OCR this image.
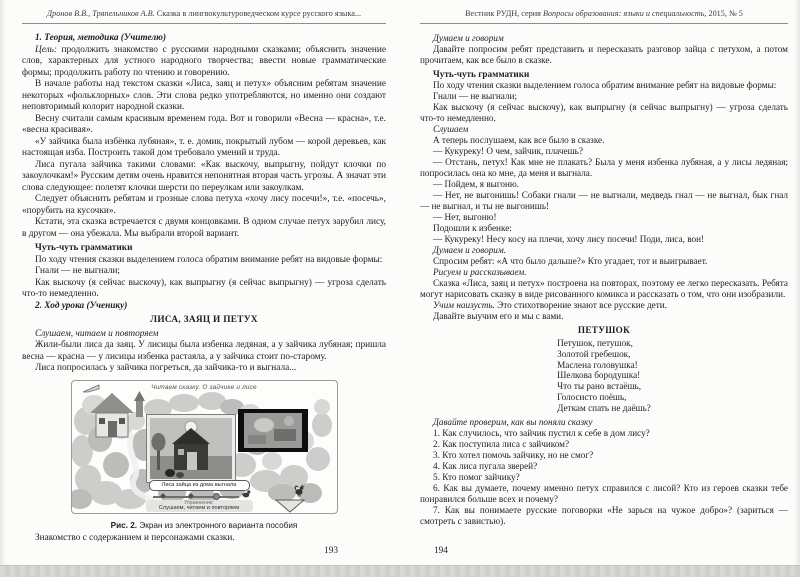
Дронов В.В., Тряпельников А.В. Сказка в лингвокультуроведческом курсе русского языка...

1. Теория, методика (Учителю)

Цель: продолжить знакомство с русскими народными сказками; объяснить значение слов, характерных для устного народного творчества; ввести новые грамматические формы; продолжить работу по чтению и говорению.

В начале работы над текстом сказки «Лиса, заяц и петух» объясним ребятам значение некоторых «фольклорных» слов. Эти слова редко употребляются, но именно они создают неповторимый колорит народной сказки.

Весну считали самым красивым временем года. Вот и говорили «Весна — красна», т.е. «весна красивая».

«У зайчика была избёнка лубяная», т. е. домик, покрытый лубом — корой деревьев, как настоящая изба. Построить такой дом требовало умений и труда.

Лиса пугала зайчика такими словами: «Как выскочу, выпрыгну, пойдут клочки по закоулочкам!» Русским детям очень нравится непонятная вторая часть угрозы. А значат эти слова следующее: полетят клочки шерсти по переулкам или закоулкам.

Следует объяснить ребятам и грозные слова петуха «хочу лису посечи!», т.е. «посечь», «порубить на кусочки».

Кстати, эта сказка встречается с двумя концовками. В одном случае петух зарубил лису, в другом — она убежала. Мы выбрали второй вариант.

Чуть-чуть грамматики

По ходу чтения сказки выделением голоса обратим внимание ребят на видовые формы:

Гнали — не выгнали;

Как выскочу (я сейчас выскочу), как выпрыгну (я сейчас выпрыгну) — угроза сделать что-то немедленно.

2. Ход урока (Ученику)

ЛИСА, ЗАЯЦ И ПЕТУХ

Слушаем, читаем и повторяем

Жили-были лиса да заяц. У лисицы была избенка ледяная, а у зайчика лубяная; пришла весна — красна — у лисицы избенка растаяла, а у зайчика стоит по-старому.

Лиса попросилась у зайчика погреться, да зайчика-то и выгнала...

Читаем сказку. О зайчике и лисе
Лиса зайца из дома выгнала
Упражнение:
Слушаем, читаем и повторяем
Рис. 2. Экран из электронного варианта пособия

Знакомство с содержанием и персонажами сказки.

193
Вестник РУДН, серия Вопросы образования: языки и специальность, 2015, № 5

Думаем и говорим

Давайте попросим ребят представить и пересказать разговор зайца с петухом, а потом прочитаем, как все было в сказке.

Чуть-чуть грамматики

По ходу чтения сказки выделением голоса обратим внимание ребят на видовые формы:

Гнали — не выгнали;

Как выскочу (я сейчас выскочу), как выпрыгну (я сейчас выпрыгну) — угроза сделать что-то немедленно.

Слушаем

А теперь послушаем, как все было в сказке.

— Кукуреку! О чем, зайчик, плачешь?

— Отстань, петух! Как мне не плакать? Была у меня избенка лубяная, а у лисы ледяная; попросилась она ко мне, да меня и выгнала.

— Пойдем, я выгоню.

— Нет, не выгонишь! Собаки гнали — не выгнали, медведь гнал — не выгнал, бык гнал — не выгнал, и ты не выгонишь!

— Нет, выгоню!

Подошли к избенке:

— Кукуреку! Несу косу на плечи, хочу лису посечи! Поди, лиса, вон!

Думаем и говорим.

Спросим ребят: «А что было дальше?» Кто угадает, тот и выигрывает.

Рисуем и рассказываем.

Сказка «Лиса, заяц и петух» построена на повторах, поэтому ее легко пересказать. Ребята могут нарисовать сказку в виде рисованного комикса и рассказать о том, что они изобразили.

Учим наизусть. Это стихотворение знают все русские дети.

Давайте выучим его и мы с вами.

ПЕТУШОК

Петушок, петушок,

Золотой гребешок,

Маслена головушка!

Шелкова бородушка!

Что ты рано встаёшь,

Голосисто поёшь,

Деткам спать не даёшь?

Давайте проверим, как вы поняли сказку

1. Как случилось, что зайчик пустил к себе в дом лису?

2. Как поступила лиса с зайчиком?

3. Кто хотел помочь зайчику, но не смог?

4. Как лиса пугала зверей?

5. Кто помог зайчику?

6. Как вы думаете, почему именно петух справился с лисой? Кто из героев сказки тебе понравился больше всех и почему?

7. Как вы понимаете русские поговорки «Не зарься на чужое добро»? (зариться — смотреть с завистью).

194
